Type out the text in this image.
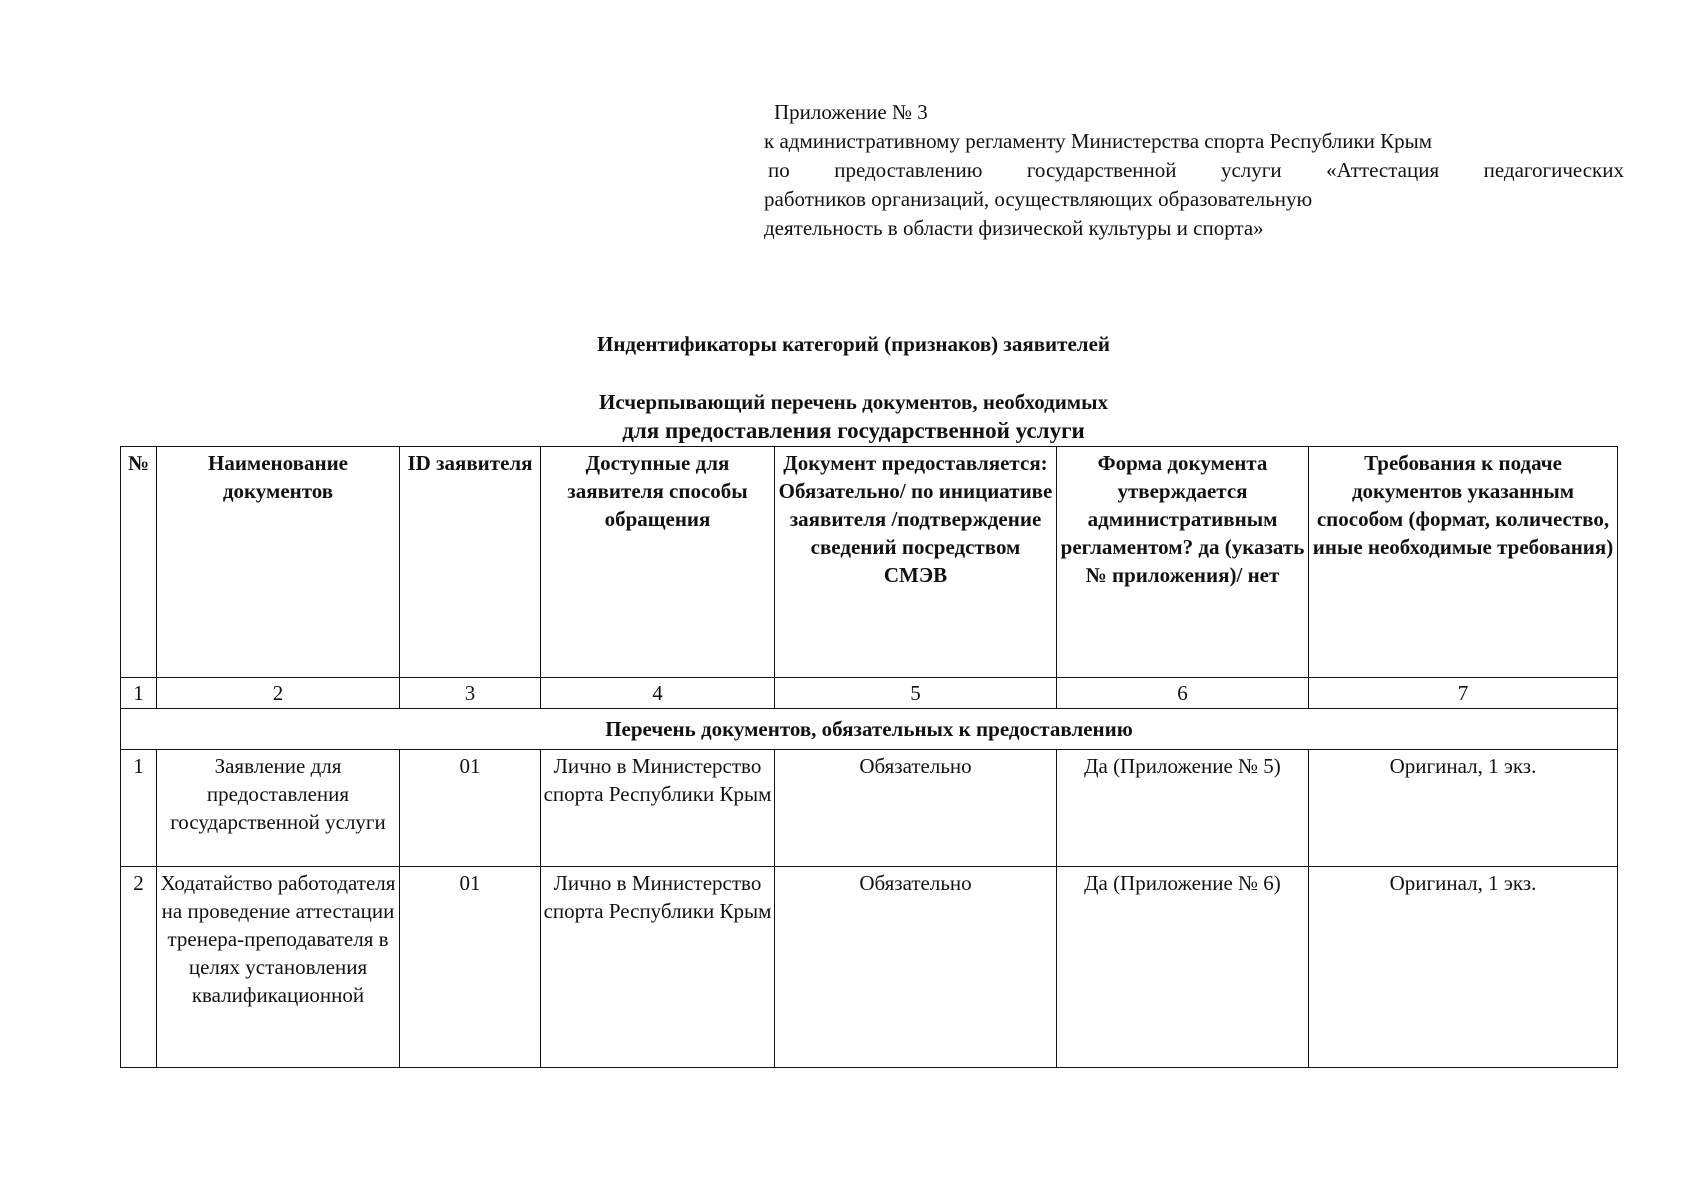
Приложение № 3
к административному регламенту Министерства спорта Республики Крым
по предоставлению государственной услуги «Аттестация педагогических
работников организаций, осуществляющих образовательную
деятельность в области физической культуры и спорта»
Индентификаторы категорий (признаков) заявителей
Исчерпывающий перечень документов, необходимых
для предоставления государственной услуги
№	Наименование документов	ID заявителя	Доступные для заявителя способы обращения	Документ предоставляется: Обязательно/ по инициативе заявителя /подтверждение сведений посредством СМЭВ	Форма документа утверждается административным регламентом? да (указать № приложения)/ нет	Требования к подаче документов указанным способом (формат, количество, иные необходимые требования)
1	2	3	4	5	6	7
Перечень документов, обязательных к предоставлению						
1	Заявление для предоставления государственной услуги	01	Лично в Министерство спорта Республики Крым	Обязательно	Да (Приложение № 5)	Оригинал, 1 экз.
2	Ходатайство работодателя на проведение аттестации тренера-преподавателя в целях установления квалификационной	01	Лично в Министерство спорта Республики Крым	Обязательно	Да (Приложение № 6)	Оригинал, 1 экз.
